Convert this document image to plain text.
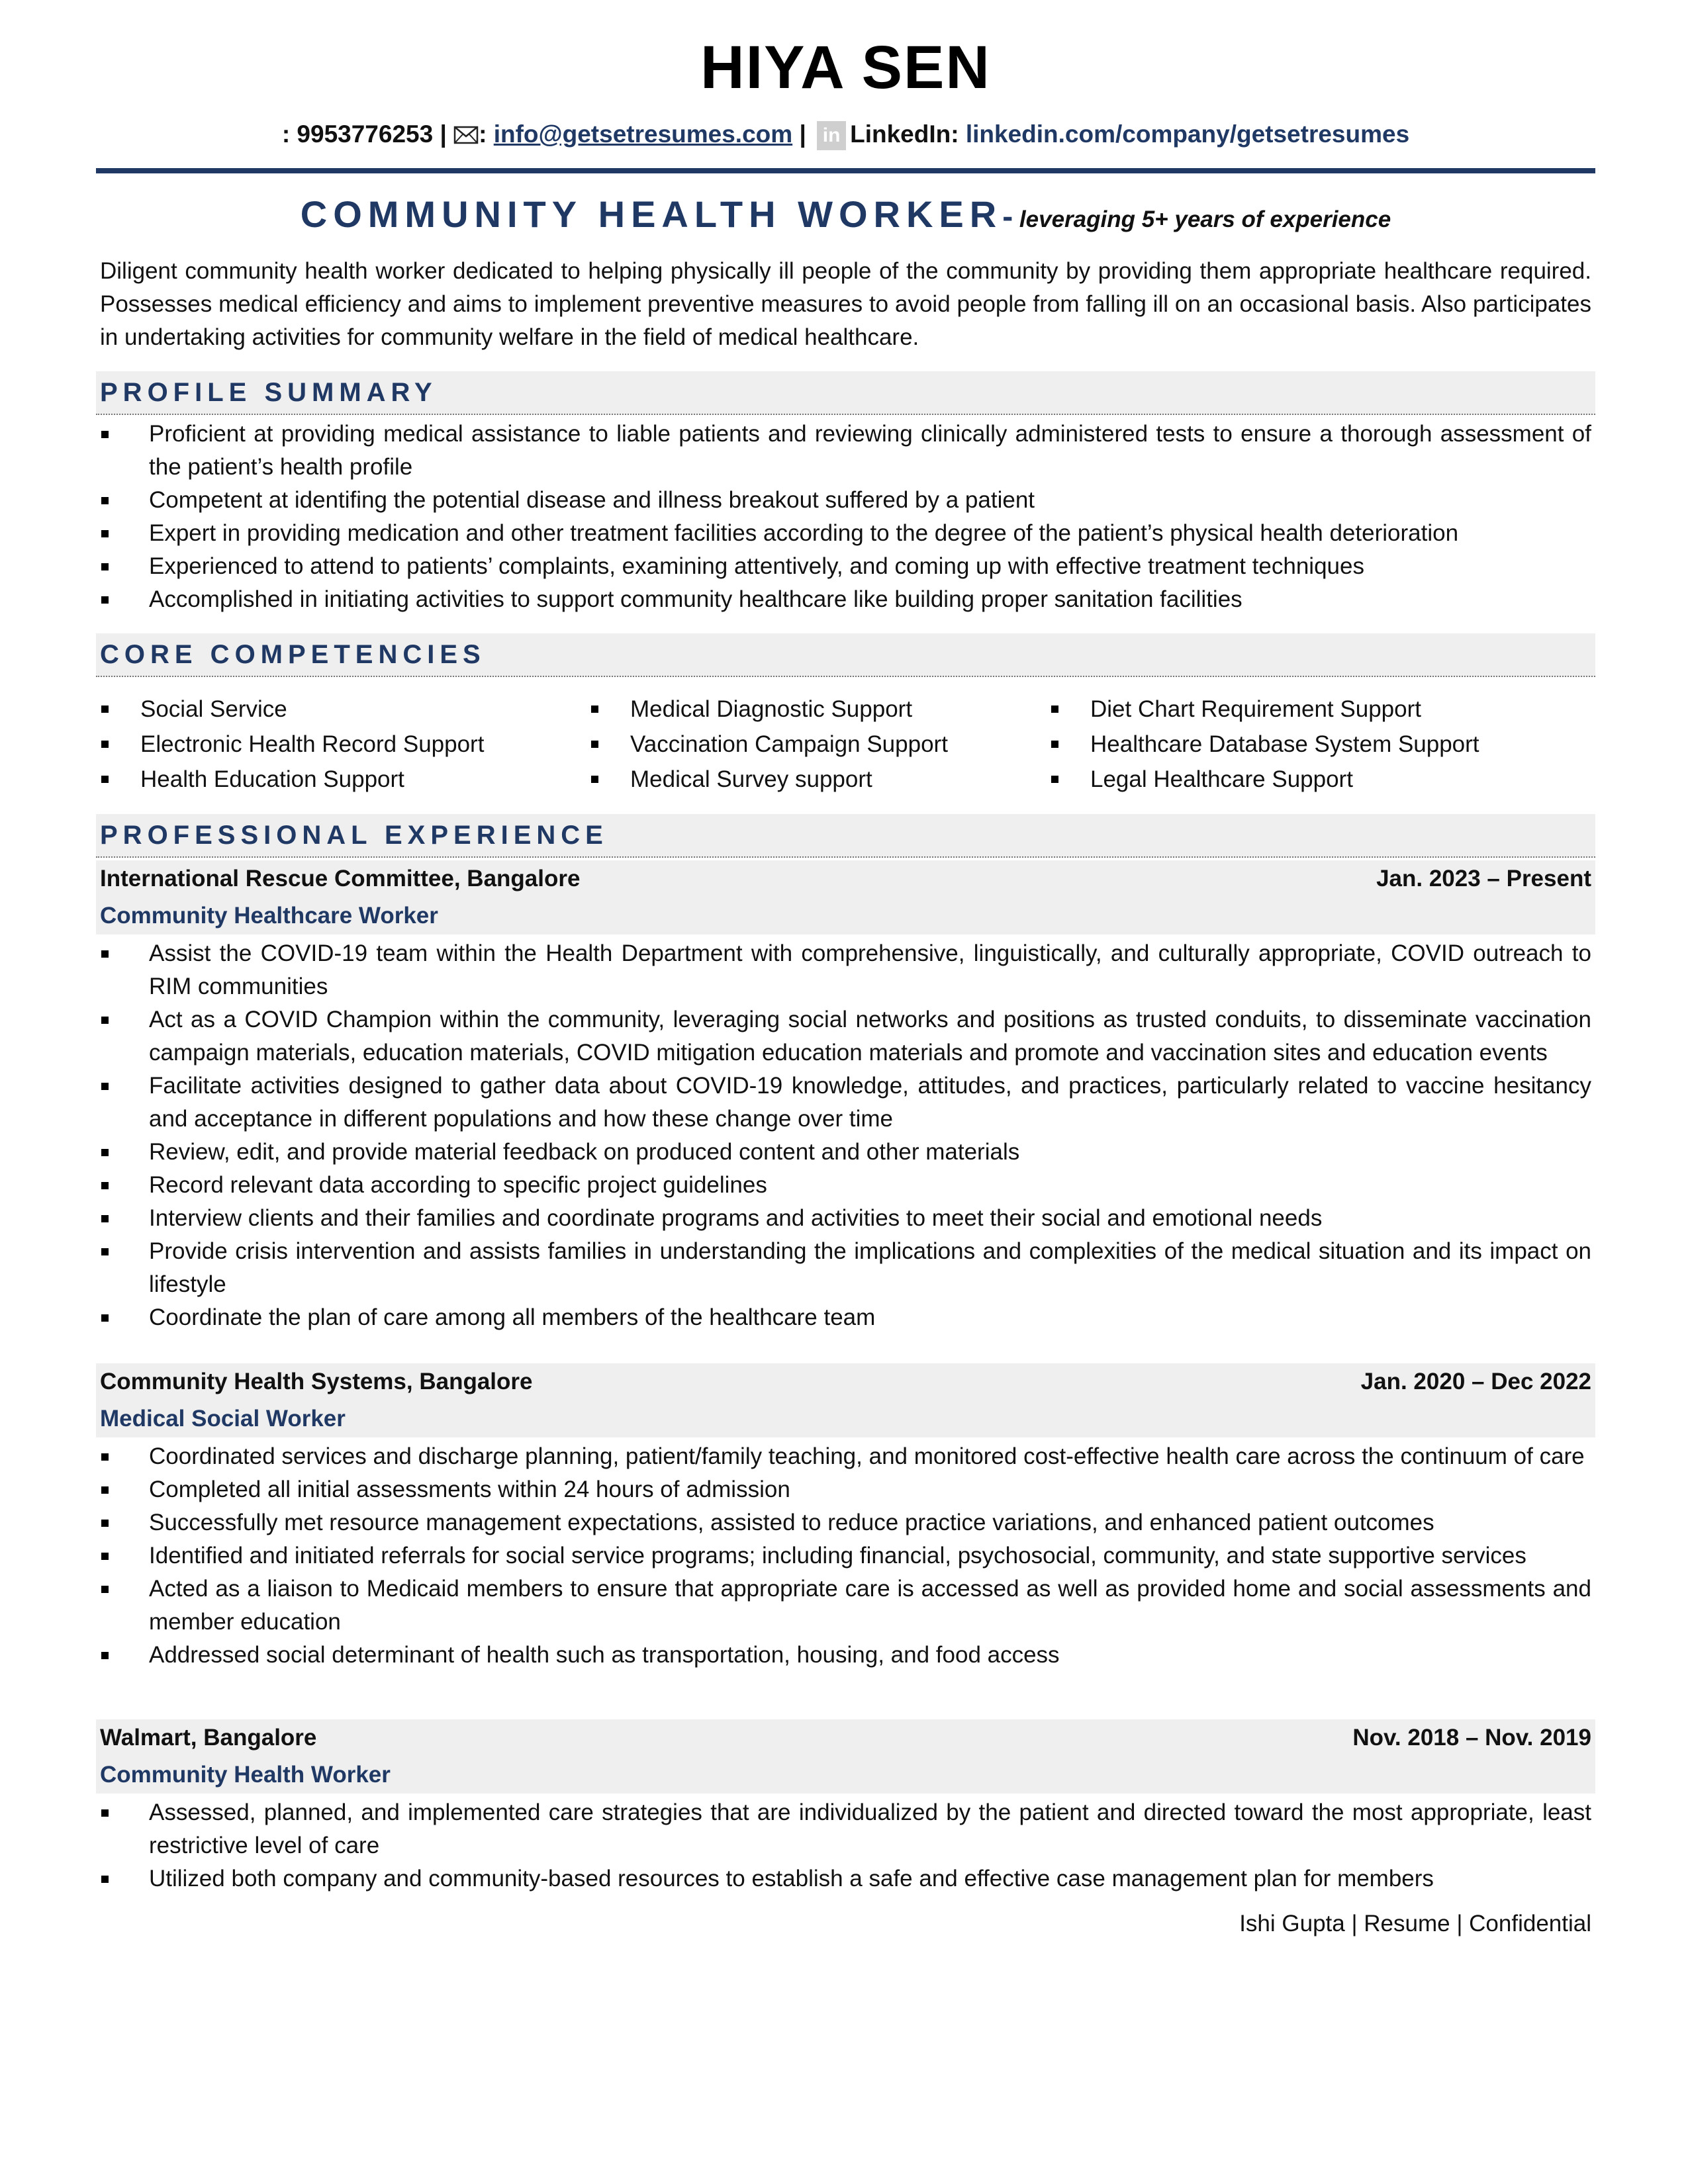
HIYA SEN
: 9953776253 | : info@getsetresumes.com | in LinkedIn: linkedin.com/company/getsetresumes
COMMUNITY HEALTH WORKER- leveraging 5+ years of experience
Diligent community health worker dedicated to helping physically ill people of the community by providing them appropriate healthcare required. Possesses medical efficiency and aims to implement preventive measures to avoid people from falling ill on an occasional basis. Also participates in undertaking activities for community welfare in the field of medical healthcare.
PROFILE SUMMARY
Proficient at providing medical assistance to liable patients and reviewing clinically administered tests to ensure a thorough assessment of the patient’s health profile
Competent at identifing the potential disease and illness breakout suffered by a patient
Expert in providing medication and other treatment facilities according to the degree of the patient’s physical health deterioration
Experienced to attend to patients’ complaints, examining attentively, and coming up with effective treatment techniques
Accomplished in initiating activities to support community healthcare like building proper sanitation facilities
CORE COMPETENCIES
Social Service
Electronic Health Record Support
Health Education Support
Medical Diagnostic Support
Vaccination Campaign Support
Medical Survey support
Diet Chart Requirement Support
Healthcare Database System Support
Legal Healthcare Support
PROFESSIONAL EXPERIENCE
International Rescue Committee, Bangalore	Jan. 2023 – Present
Community Healthcare Worker
Assist the COVID-19 team within the Health Department with comprehensive, linguistically, and culturally appropriate, COVID outreach to RIM communities
Act as a COVID Champion within the community, leveraging social networks and positions as trusted conduits, to disseminate vaccination campaign materials, education materials, COVID mitigation education materials and promote and vaccination sites and education events
Facilitate activities designed to gather data about COVID-19 knowledge, attitudes, and practices, particularly related to vaccine hesitancy and acceptance in different populations and how these change over time
Review, edit, and provide material feedback on produced content and other materials
Record relevant data according to specific project guidelines
Interview clients and their families and coordinate programs and activities to meet their social and emotional needs
Provide crisis intervention and assists families in understanding the implications and complexities of the medical situation and its impact on lifestyle
Coordinate the plan of care among all members of the healthcare team
Community Health Systems, Bangalore	Jan. 2020 – Dec 2022
Medical Social Worker
Coordinated services and discharge planning, patient/family teaching, and monitored cost-effective health care across the continuum of care
Completed all initial assessments within 24 hours of admission
Successfully met resource management expectations, assisted to reduce practice variations, and enhanced patient outcomes
Identified and initiated referrals for social service programs; including financial, psychosocial, community, and state supportive services
Acted as a liaison to Medicaid members to ensure that appropriate care is accessed as well as provided home and social assessments and member education
Addressed social determinant of health such as transportation, housing, and food access
Walmart, Bangalore	Nov. 2018 – Nov. 2019
Community Health Worker
Assessed, planned, and implemented care strategies that are individualized by the patient and directed toward the most appropriate, least restrictive level of care
Utilized both company and community-based resources to establish a safe and effective case management plan for members
Ishi Gupta | Resume | Confidential
